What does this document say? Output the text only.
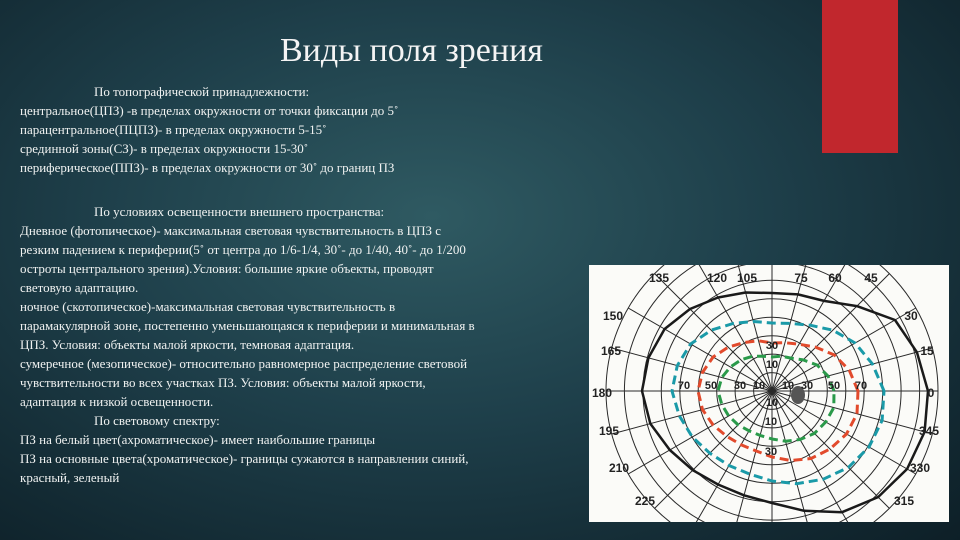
Виды поля зрения
По топографической принадлежности:
центральное(ЦПЗ) -в пределах окружности от точки фиксации до 5˚
парацентральное(ПЦПЗ)- в пределах окружности 5-15˚
срединной зоны(СЗ)- в пределах окружности 15-30˚
периферическое(ППЗ)- в пределах окружности от 30˚ до границ ПЗ
По условиях освещенности внешнего пространства:
Дневное (фотопическое)- максимальная световая чувствительность в ЦПЗ с
резким падением к периферии(5˚ от центра до 1/6-1/4, 30˚- до 1/40, 40˚- до 1/200
остроты центрального зрения).Условия: большие яркие объекты, проводят
световую адаптацию.
ночное (скотопическое)-максимальная световая чувствительность в
парамакулярной зоне, постепенно уменьшающаяся к периферии и минимальная в
ЦПЗ. Условия: объекты малой яркости, темновая адаптация.
сумеречное (мезопическое)- относительно равномерное распределение световой
чувствительности во всех участках ПЗ. Условия: объекты малой яркости,
адаптация к низкой освещенности.
По световому спектру:
ПЗ на белый цвет(ахроматическое)- имеет наибольшие границы
ПЗ на основные цвета(хроматическое)- границы сужаются в направлении синий,
красный, зеленый
135	120 105	75 60 45
150
165
180
195
210
225
30
15
0
345
330
315
70 50 30 10
10
10
10
30 50 70
10
30
30
